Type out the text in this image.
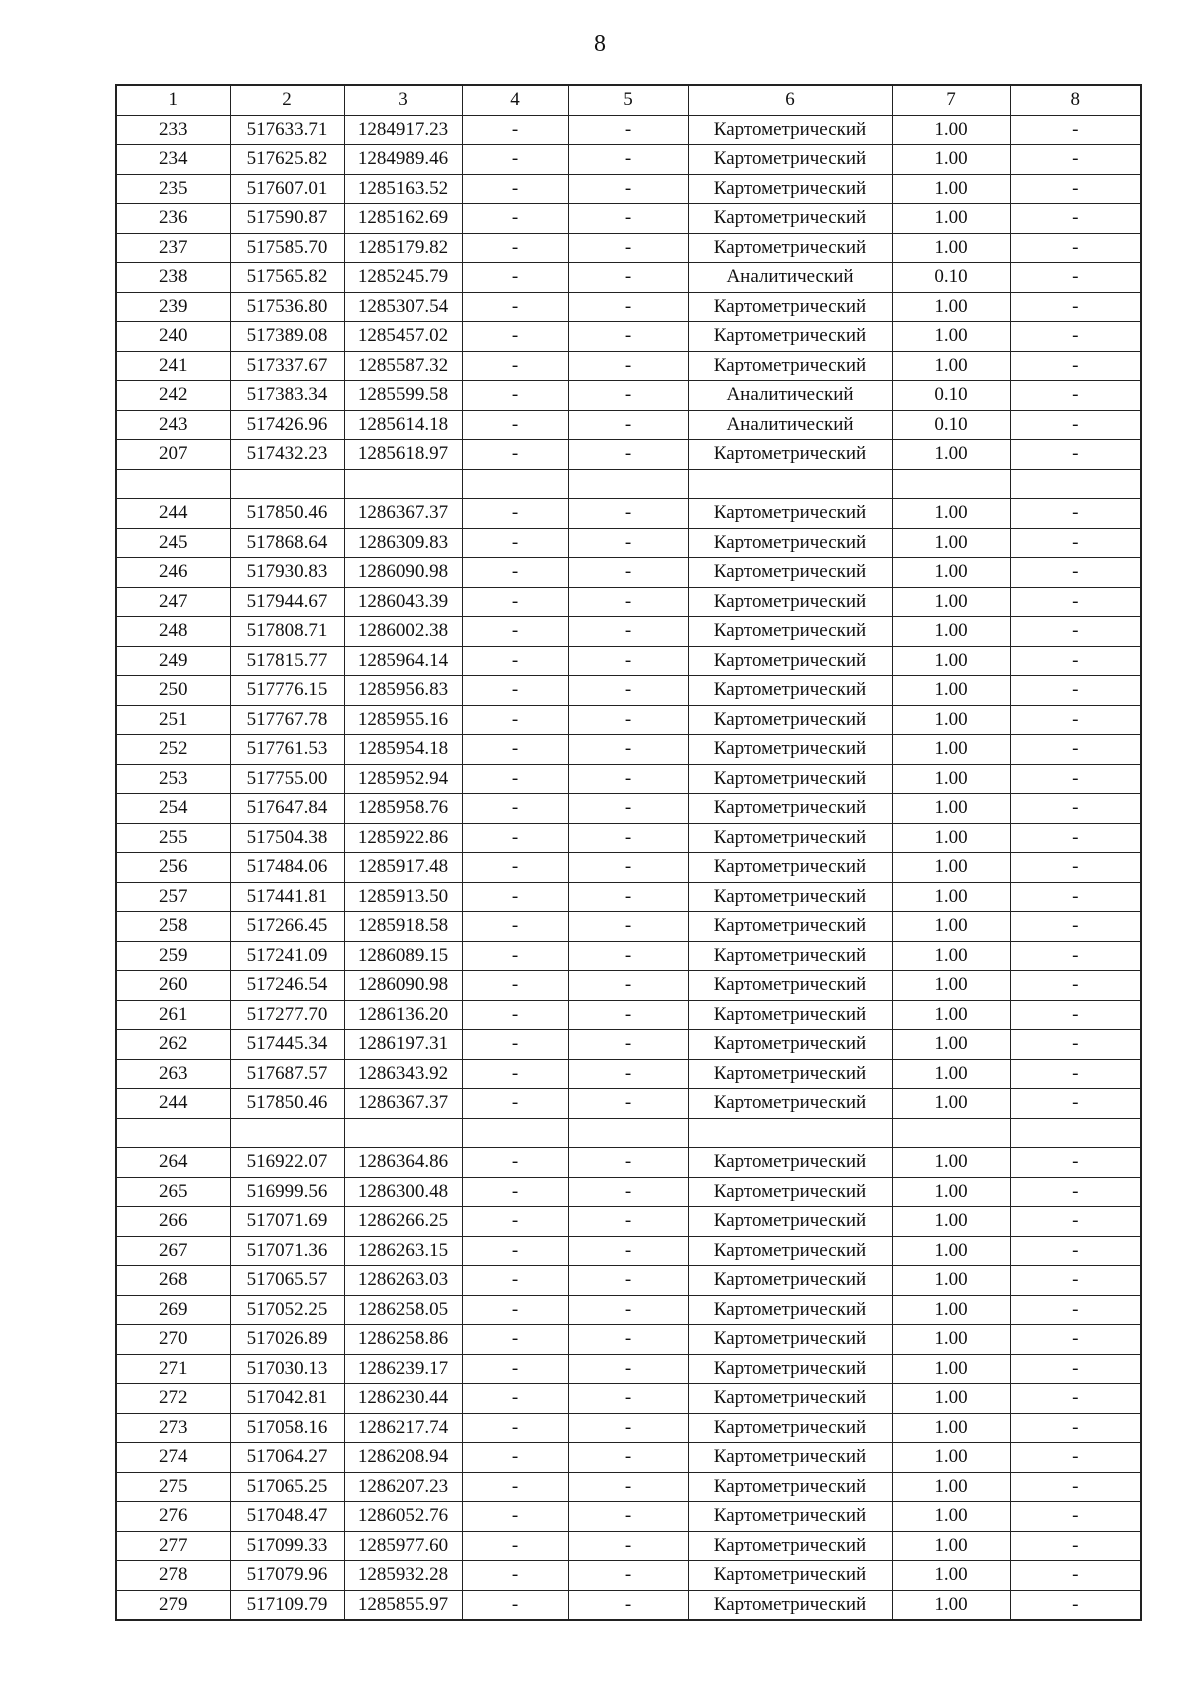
8
1	2	3	4	5	6	7	8
233	517633.71	1284917.23	-	-	Картометрический	1.00	-
234	517625.82	1284989.46	-	-	Картометрический	1.00	-
235	517607.01	1285163.52	-	-	Картометрический	1.00	-
236	517590.87	1285162.69	-	-	Картометрический	1.00	-
237	517585.70	1285179.82	-	-	Картометрический	1.00	-
238	517565.82	1285245.79	-	-	Аналитический	0.10	-
239	517536.80	1285307.54	-	-	Картометрический	1.00	-
240	517389.08	1285457.02	-	-	Картометрический	1.00	-
241	517337.67	1285587.32	-	-	Картометрический	1.00	-
242	517383.34	1285599.58	-	-	Аналитический	0.10	-
243	517426.96	1285614.18	-	-	Аналитический	0.10	-
207	517432.23	1285618.97	-	-	Картометрический	1.00	-

244	517850.46	1286367.37	-	-	Картометрический	1.00	-
245	517868.64	1286309.83	-	-	Картометрический	1.00	-
246	517930.83	1286090.98	-	-	Картометрический	1.00	-
247	517944.67	1286043.39	-	-	Картометрический	1.00	-
248	517808.71	1286002.38	-	-	Картометрический	1.00	-
249	517815.77	1285964.14	-	-	Картометрический	1.00	-
250	517776.15	1285956.83	-	-	Картометрический	1.00	-
251	517767.78	1285955.16	-	-	Картометрический	1.00	-
252	517761.53	1285954.18	-	-	Картометрический	1.00	-
253	517755.00	1285952.94	-	-	Картометрический	1.00	-
254	517647.84	1285958.76	-	-	Картометрический	1.00	-
255	517504.38	1285922.86	-	-	Картометрический	1.00	-
256	517484.06	1285917.48	-	-	Картометрический	1.00	-
257	517441.81	1285913.50	-	-	Картометрический	1.00	-
258	517266.45	1285918.58	-	-	Картометрический	1.00	-
259	517241.09	1286089.15	-	-	Картометрический	1.00	-
260	517246.54	1286090.98	-	-	Картометрический	1.00	-
261	517277.70	1286136.20	-	-	Картометрический	1.00	-
262	517445.34	1286197.31	-	-	Картометрический	1.00	-
263	517687.57	1286343.92	-	-	Картометрический	1.00	-
244	517850.46	1286367.37	-	-	Картометрический	1.00	-

264	516922.07	1286364.86	-	-	Картометрический	1.00	-
265	516999.56	1286300.48	-	-	Картометрический	1.00	-
266	517071.69	1286266.25	-	-	Картометрический	1.00	-
267	517071.36	1286263.15	-	-	Картометрический	1.00	-
268	517065.57	1286263.03	-	-	Картометрический	1.00	-
269	517052.25	1286258.05	-	-	Картометрический	1.00	-
270	517026.89	1286258.86	-	-	Картометрический	1.00	-
271	517030.13	1286239.17	-	-	Картометрический	1.00	-
272	517042.81	1286230.44	-	-	Картометрический	1.00	-
273	517058.16	1286217.74	-	-	Картометрический	1.00	-
274	517064.27	1286208.94	-	-	Картометрический	1.00	-
275	517065.25	1286207.23	-	-	Картометрический	1.00	-
276	517048.47	1286052.76	-	-	Картометрический	1.00	-
277	517099.33	1285977.60	-	-	Картометрический	1.00	-
278	517079.96	1285932.28	-	-	Картометрический	1.00	-
279	517109.79	1285855.97	-	-	Картометрический	1.00	-
